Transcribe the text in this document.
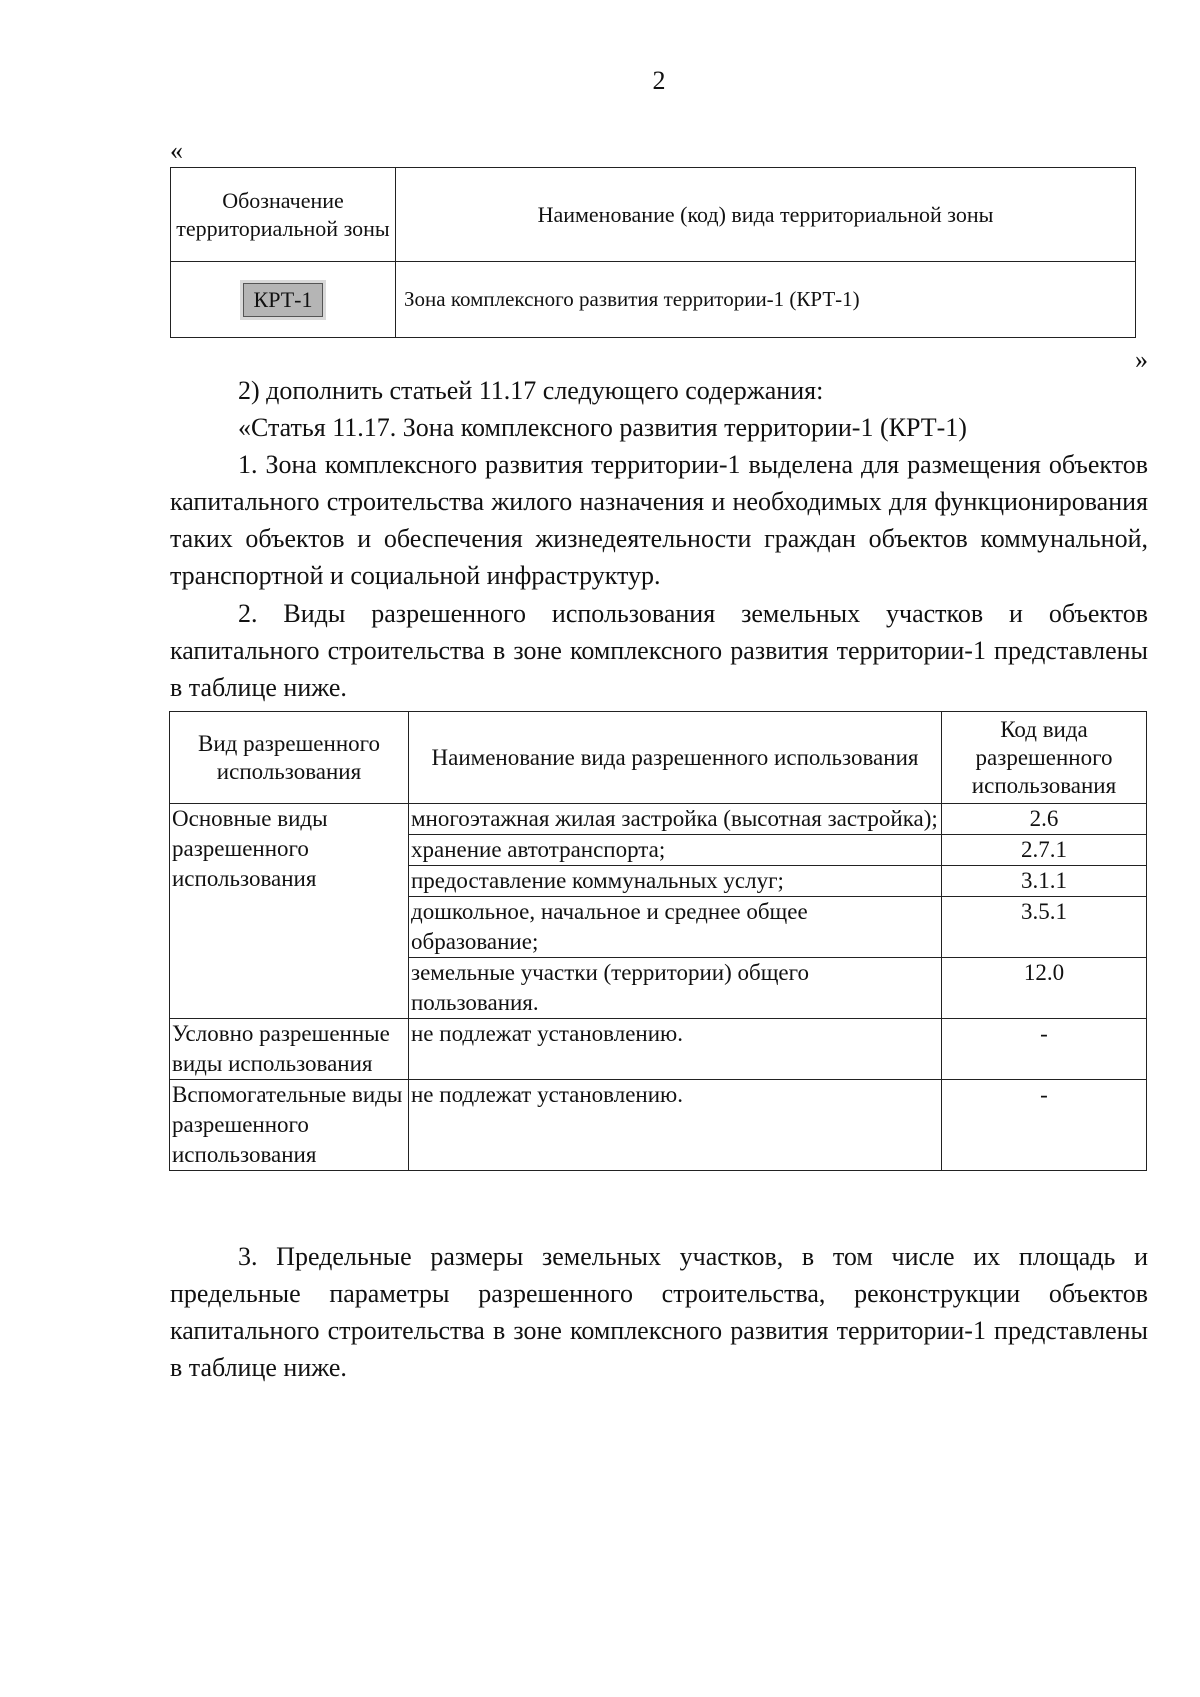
2
«
Обозначение территориальной зоны	Наименование (код) вида территориальной зоны
КРТ-1	Зона комплексного развития территории-1 (КРТ-1)
»
2) дополнить статьей 11.17 следующего содержания:
«Статья 11.17. Зона комплексного развития территории-1 (КРТ-1)
1. Зона комплексного развития территории-1 выделена для размещения объектов капитального строительства жилого назначения и необходимых для функционирования таких объектов и обеспечения жизнедеятельности граждан объектов коммунальной, транспортной и социальной инфраструктур.
2. Виды разрешенного использования земельных участков и объектов капитального строительства в зоне комплексного развития территории-1 представлены в таблице ниже.
Вид разрешенного использования	Наименование вида разрешенного использования	Код вида разрешенного использования
Основные виды разрешенного использования	многоэтажная жилая застройка (высотная застройка);	2.6
	хранение автотранспорта;	2.7.1
	предоставление коммунальных услуг;	3.1.1
	дошкольное, начальное и среднее общее образование;	3.5.1
	земельные участки (территории) общего пользования.	12.0
Условно разрешенные виды использования	не подлежат установлению.	-
Вспомогательные виды разрешенного использования	не подлежат установлению.	-
3. Предельные размеры земельных участков, в том числе их площадь и предельные параметры разрешенного строительства, реконструкции объектов капитального строительства в зоне комплексного развития территории-1 представлены в таблице ниже.
